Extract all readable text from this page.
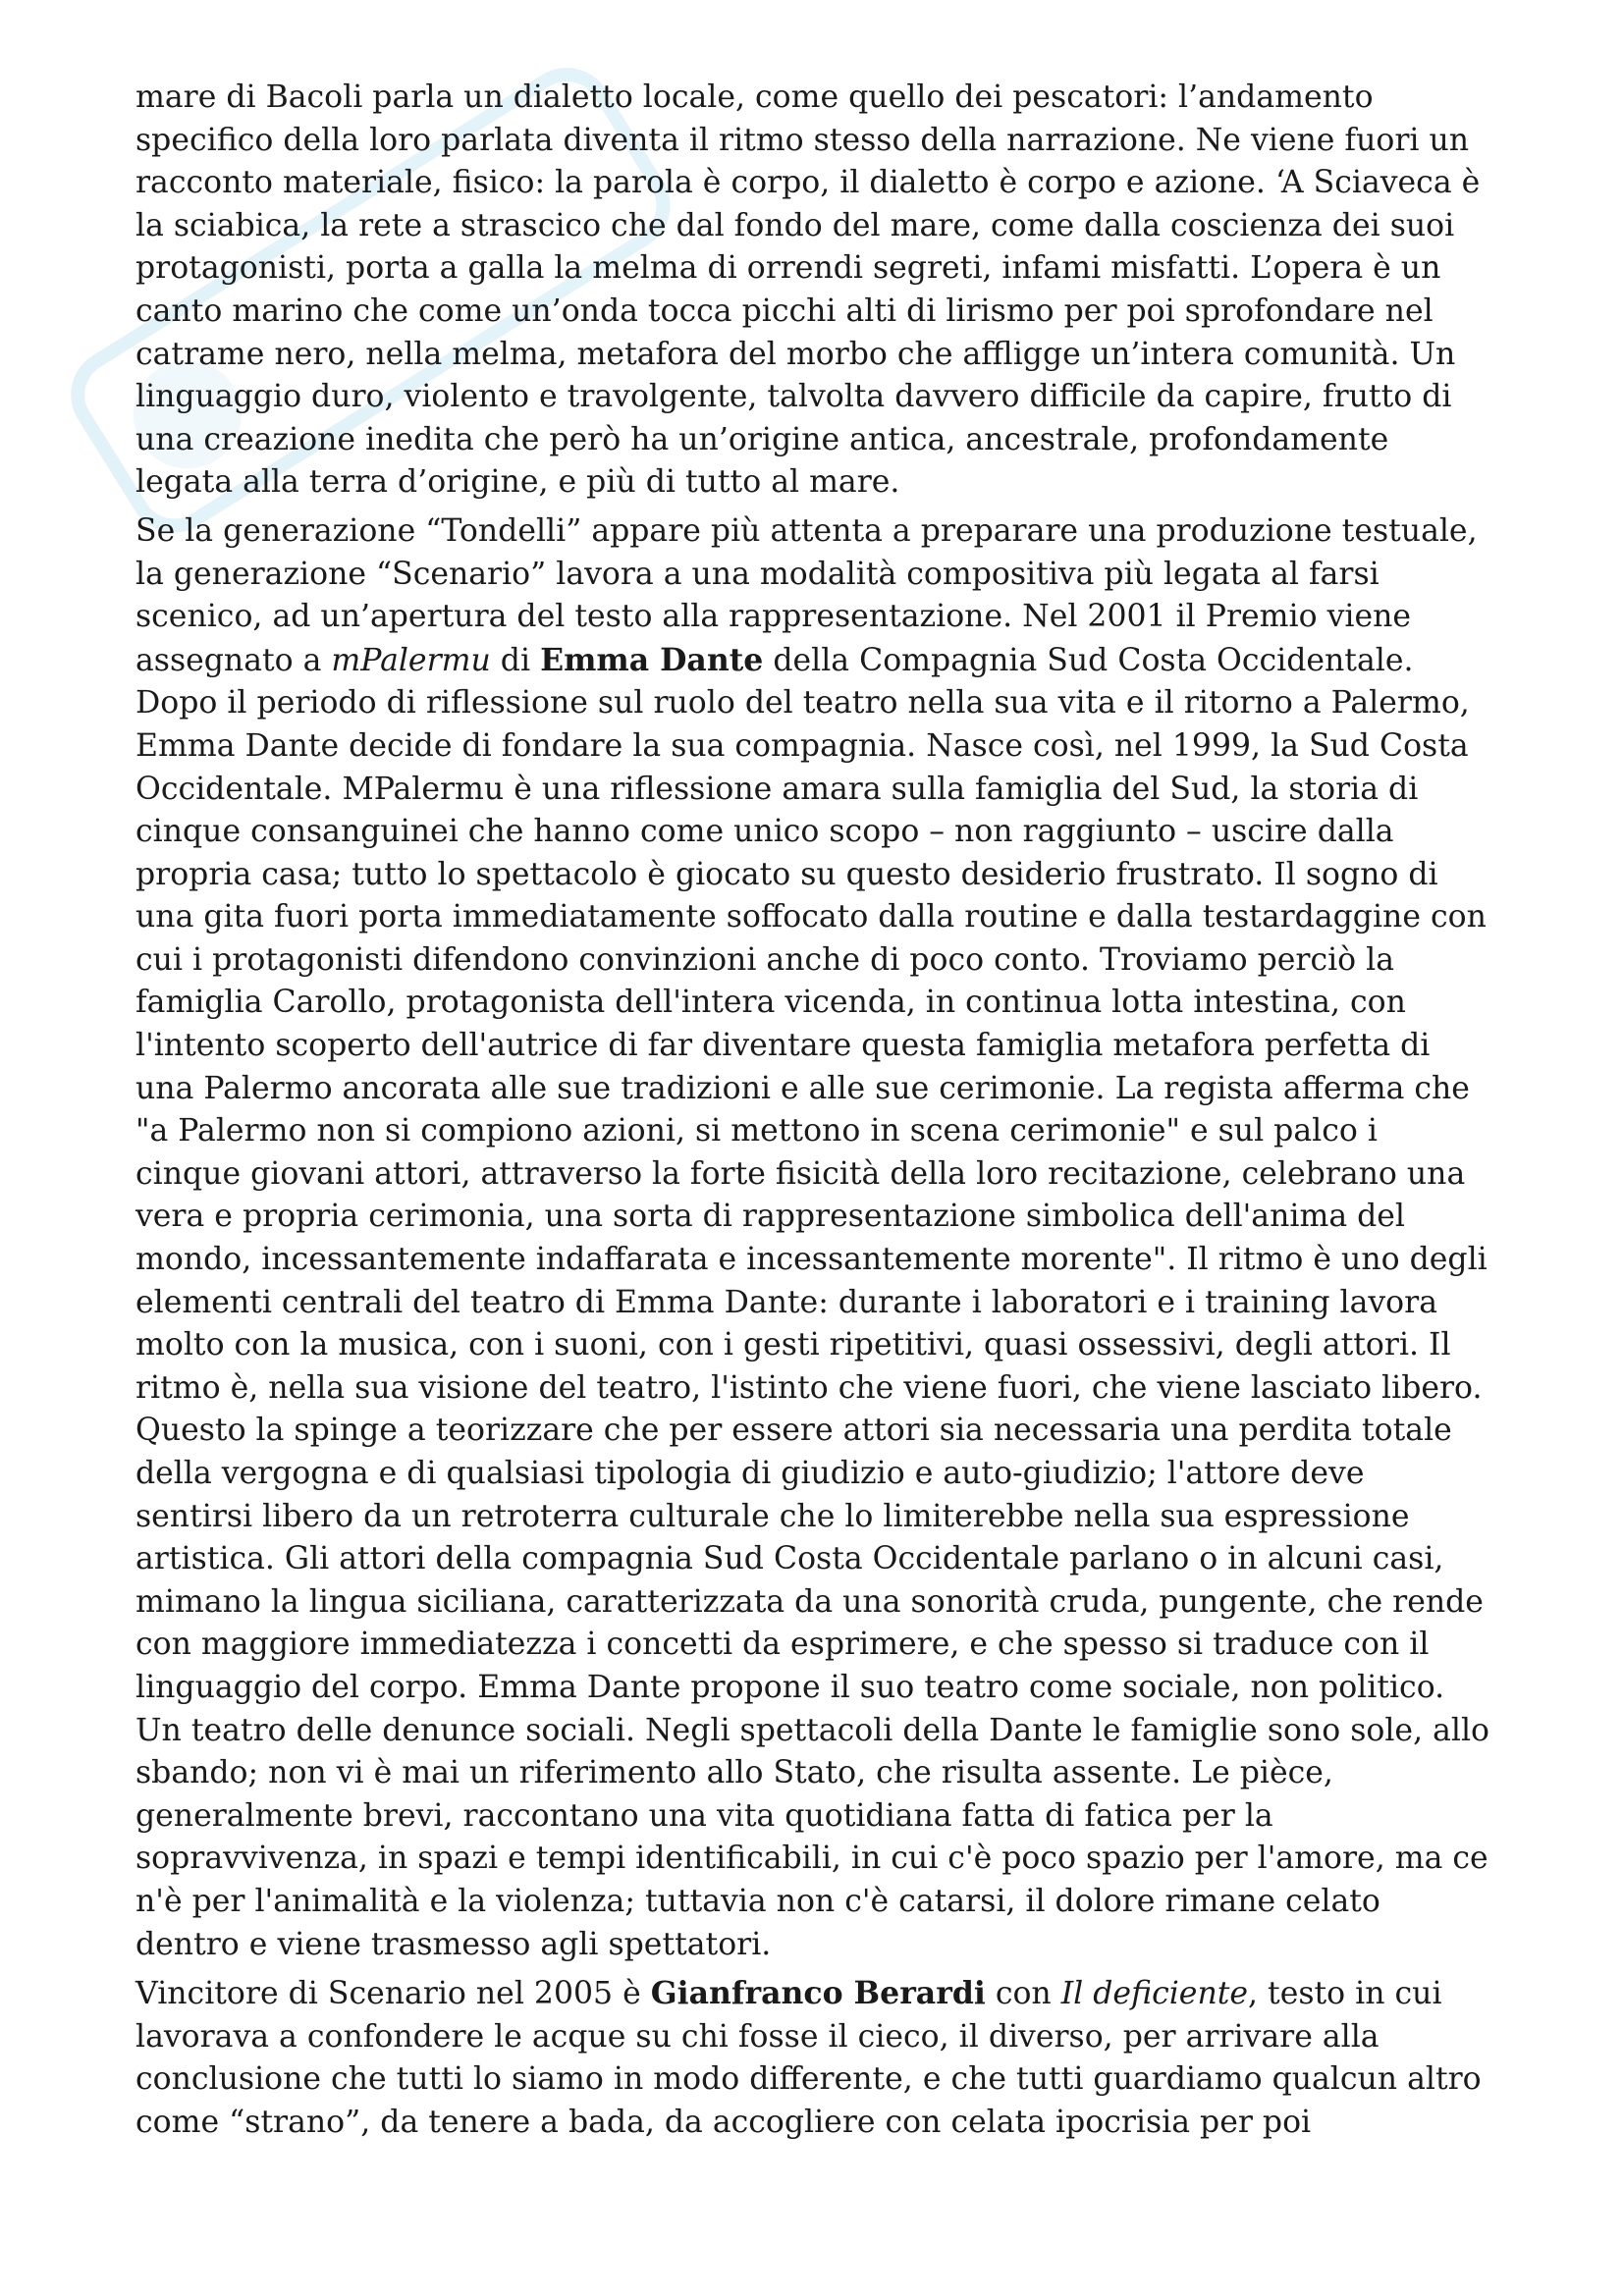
mare di Bacoli parla un dialetto locale, come quello dei pescatori: l’andamento specifico della loro parlata diventa il ritmo stesso della narrazione. Ne viene fuori un racconto materiale, fisico: la parola è corpo, il dialetto è corpo e azione. ‘A Sciaveca è la sciabica, la rete a strascico che dal fondo del mare, come dalla coscienza dei suoi protagonisti, porta a galla la melma di orrendi segreti, infami misfatti. L’opera è un canto marino che come un’onda tocca picchi alti di lirismo per poi sprofondare nel catrame nero, nella melma, metafora del morbo che affligge un’intera comunità. Un linguaggio duro, violento e travolgente, talvolta davvero difficile da capire, frutto di una creazione inedita che però ha un’origine antica, ancestrale, profondamente legata alla terra d’origine, e più di tutto al mare.

Se la generazione “Tondelli” appare più attenta a preparare una produzione testuale, la generazione “Scenario” lavora a una modalità compositiva più legata al farsi scenico, ad un’apertura del testo alla rappresentazione. Nel 2001 il Premio viene assegnato a mPalermu di Emma Dante della Compagnia Sud Costa Occidentale. Dopo il periodo di riflessione sul ruolo del teatro nella sua vita e il ritorno a Palermo, Emma Dante decide di fondare la sua compagnia. Nasce così, nel 1999, la Sud Costa Occidentale. MPalermu è una riflessione amara sulla famiglia del Sud, la storia di cinque consanguinei che hanno come unico scopo – non raggiunto – uscire dalla propria casa; tutto lo spettacolo è giocato su questo desiderio frustrato. Il sogno di una gita fuori porta immediatamente soffocato dalla routine e dalla testardaggine con cui i protagonisti difendono convinzioni anche di poco conto. Troviamo perciò la famiglia Carollo, protagonista dell'intera vicenda, in continua lotta intestina, con l'intento scoperto dell'autrice di far diventare questa famiglia metafora perfetta di una Palermo ancorata alle sue tradizioni e alle sue cerimonie. La regista afferma che "a Palermo non si compiono azioni, si mettono in scena cerimonie" e sul palco i cinque giovani attori, attraverso la forte fisicità della loro recitazione, celebrano una vera e propria cerimonia, una sorta di rappresentazione simbolica dell'anima del mondo, incessantemente indaffarata e incessantemente morente". Il ritmo è uno degli elementi centrali del teatro di Emma Dante: durante i laboratori e i training lavora molto con la musica, con i suoni, con i gesti ripetitivi, quasi ossessivi, degli attori. Il ritmo è, nella sua visione del teatro, l'istinto che viene fuori, che viene lasciato libero. Questo la spinge a teorizzare che per essere attori sia necessaria una perdita totale della vergogna e di qualsiasi tipologia di giudizio e auto-giudizio; l'attore deve sentirsi libero da un retroterra culturale che lo limiterebbe nella sua espressione artistica. Gli attori della compagnia Sud Costa Occidentale parlano o in alcuni casi, mimano la lingua siciliana, caratterizzata da una sonorità cruda, pungente, che rende con maggiore immediatezza i concetti da esprimere, e che spesso si traduce con il linguaggio del corpo. Emma Dante propone il suo teatro come sociale, non politico. Un teatro delle denunce sociali. Negli spettacoli della Dante le famiglie sono sole, allo sbando; non vi è mai un riferimento allo Stato, che risulta assente. Le pièce, generalmente brevi, raccontano una vita quotidiana fatta di fatica per la sopravvivenza, in spazi e tempi identificabili, in cui c'è poco spazio per l'amore, ma ce n'è per l'animalità e la violenza; tuttavia non c'è catarsi, il dolore rimane celato dentro e viene trasmesso agli spettatori.

Vincitore di Scenario nel 2005 è Gianfranco Berardi con Il deficiente, testo in cui lavorava a confondere le acque su chi fosse il cieco, il diverso, per arrivare alla conclusione che tutti lo siamo in modo differente, e che tutti guardiamo qualcun altro come “strano”, da tenere a bada, da accogliere con celata ipocrisia per poi
